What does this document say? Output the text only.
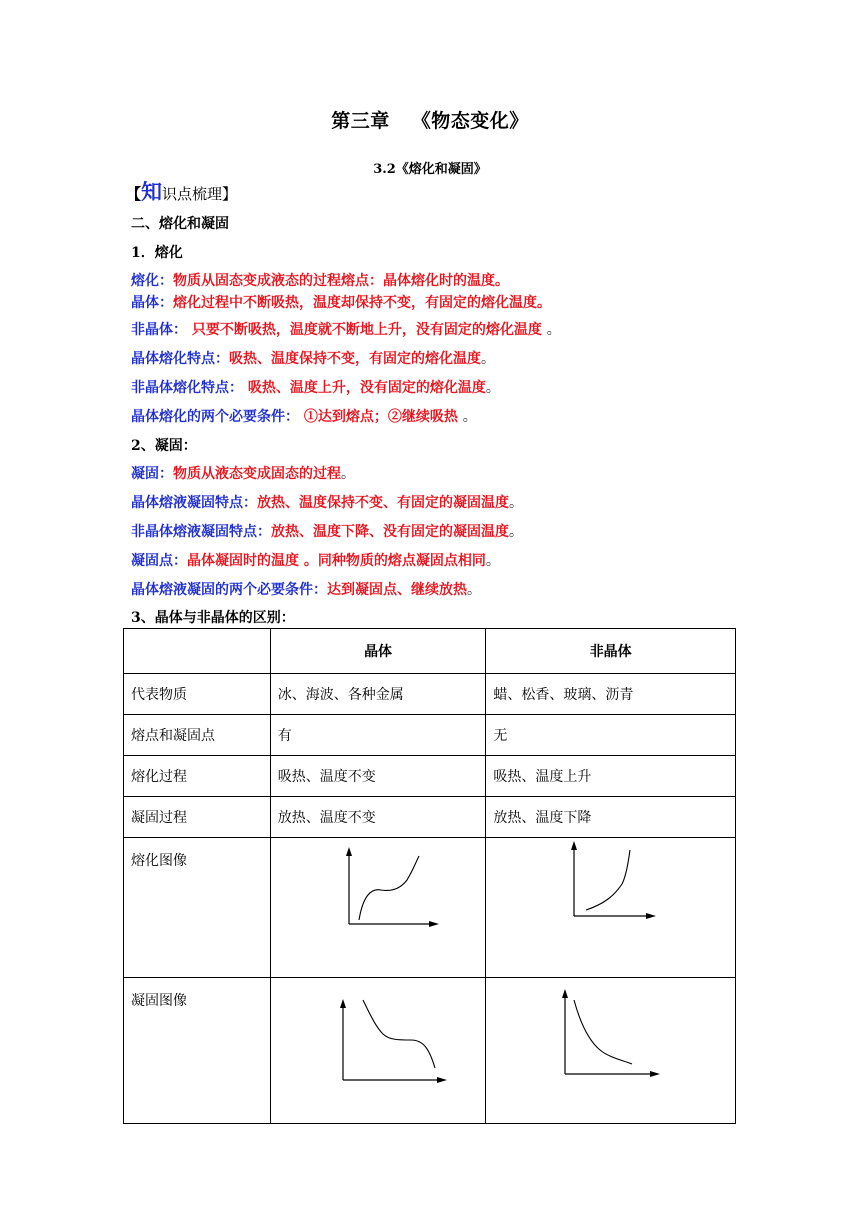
第三章 《物态变化》
3.2《熔化和凝固》
【知识点梳理】
二、熔化和凝固
1．熔化
熔化：物质从固态变成液态的过程熔点：晶体熔化时的温度。
晶体：熔化过程中不断吸热，温度却保持不变，有固定的熔化温度。
非晶体： 只要不断吸热，温度就不断地上升，没有固定的熔化温度 。
晶体熔化特点：吸热、温度保持不变，有固定的熔化温度。
非晶体熔化特点： 吸热、温度上升，没有固定的熔化温度。
晶体熔化的两个必要条件： ①达到熔点；②继续吸热 。
2、凝固：
凝固：物质从液态变成固态的过程。
晶体熔液凝固特点：放热、温度保持不变、有固定的凝固温度。
非晶体熔液凝固特点：放热、温度下降、没有固定的凝固温度。
凝固点：晶体凝固时的温度 。同种物质的熔点凝固点相同。
晶体熔液凝固的两个必要条件：达到凝固点、继续放热。
3、晶体与非晶体的区别：
	晶体	非晶体
代表物质	冰、海波、各种金属	蜡、松香、玻璃、沥青
熔点和凝固点	有	无
熔化过程	吸热、温度不变	吸热、温度上升
凝固过程	放热、温度不变	放热、温度下降
熔化图像	

凝固图像	
